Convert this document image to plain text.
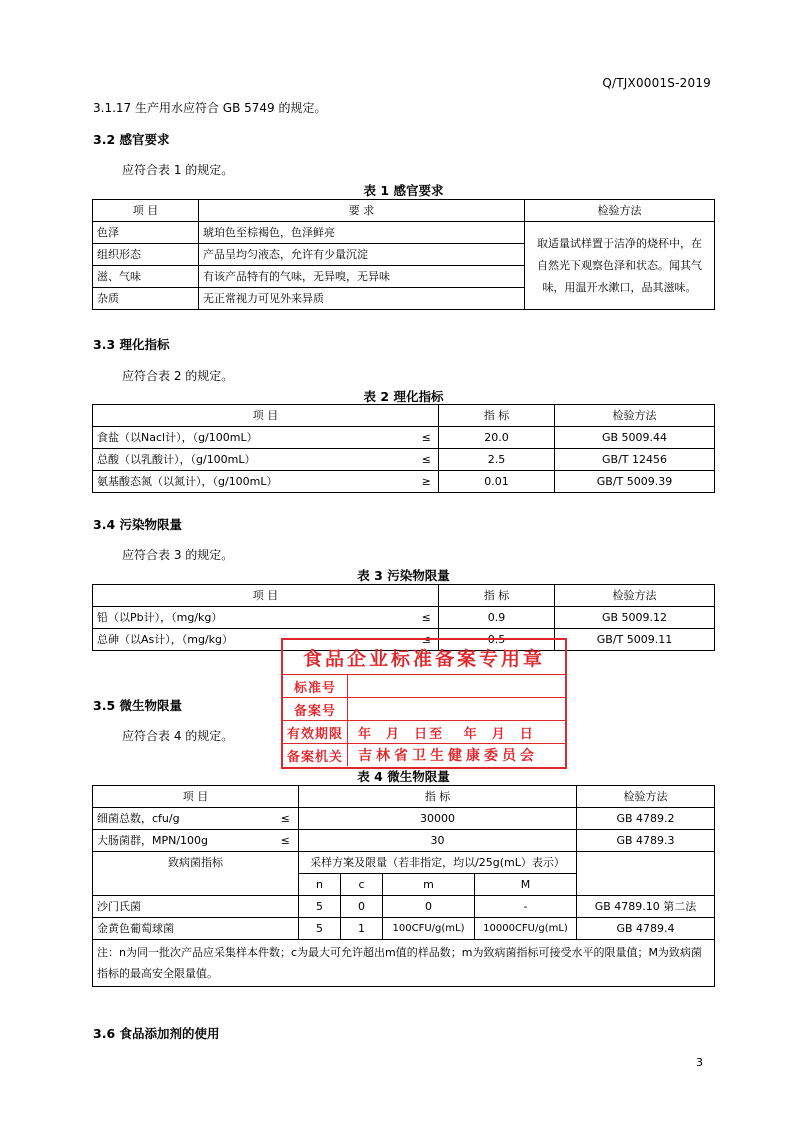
Q/TJX0001S-2019
3.1.17 生产用水应符合 GB 5749 的规定。
3.2 感官要求
应符合表 1 的规定。
表 1 感官要求
项 目	要 求	检验方法
色泽	琥珀色至棕褐色，色泽鲜亮	取适量试样置于洁净的烧杯中，在自然光下观察色泽和状态。闻其气味，用温开水漱口，品其滋味。
组织形态	产品呈均匀液态，允许有少量沉淀	
滋、气味	有该产品特有的气味，无异嗅，无异味	
杂质	无正常视力可见外来异质	
3.3 理化指标
应符合表 2 的规定。
表 2 理化指标
项 目		指 标	检验方法
食盐（以Nacl计），（g/100mL）	≤	20.0	GB 5009.44
总酸（以乳酸计），（g/100mL）	≤	2.5	GB/T 12456
氨基酸态氮（以氮计），（g/100mL）	≥	0.01	GB/T 5009.39
3.4 污染物限量
应符合表 3 的规定。
表 3 污染物限量
项 目		指 标	检验方法
铅（以Pb计），（mg/kg）	≤	0.9	GB 5009.12
总砷（以As计），（mg/kg）	≤	0.5	GB/T 5009.11
3.5 微生物限量
应符合表 4 的规定。
表 4 微生物限量
项 目		指 标				检验方法
细菌总数，cfu/g	≤	30000				GB 4789.2
大肠菌群，MPN/100g	≤	30				GB 4789.3
致病菌指标		采样方案及限量（若非指定，均以/25g(mL）表示）				
		n	c	m	M	
沙门氏菌		5	0	0	-	GB 4789.10 第二法
金黄色葡萄球菌		5	1	100CFU/g(mL)	10000CFU/g(mL)	GB 4789.4
注：n为同一批次产品应采集样本件数；c为最大可允许超出m值的样品数；m为致病菌指标可接受水平的限量值；M为致病菌指标的最高安全限量值。						
3.6 食品添加剂的使用
食品企业标准备案专用章
标准号
备案号
有效期限	年  月  日至   年  月  日
备案机关	吉林省卫生健康委员会
3
